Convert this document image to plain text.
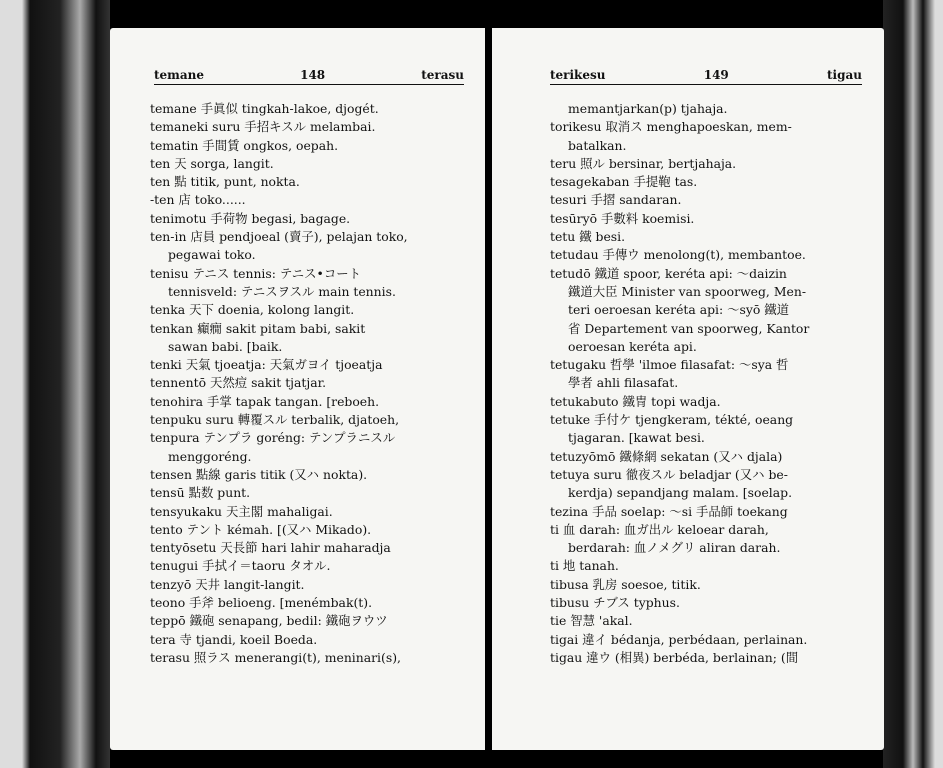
temane	148	terasu
temane 手眞似 tingkah-lakoe, djogét.
temaneki suru 手招キスル melambai.
tematin 手間賃 ongkos, oepah.
ten 天 sorga, langit.
ten 點 titik, punt, nokta.
-ten 店 toko......
tenimotu 手荷物 begasi, bagage.
ten-in 店員 pendjoeal (賣子), pelajan toko,
pegawai toko.
tenisu テニス tennis: テニス•コート
tennisveld: テニスヲスル main tennis.
tenka 天下 doenia, kolong langit.
tenkan 癲癇 sakit pitam babi, sakit
sawan babi. [baik.
tenki 天氣 tjoeatja: 天氣ガヨイ tjoeatja
tennentō 天然痘 sakit tjatjar.
tenohira 手掌 tapak tangan. [reboeh.
tenpuku suru 轉覆スル terbalik, djatoeh,
tenpura テンプラ goréng: テンプラニスル
menggoréng.
tensen 點線 garis titik (又ハ nokta).
tensū 點数 punt.
tensyukaku 天主閣 mahaligai.
tento テント kémah. [(又ハ Mikado).
tentyōsetu 天長節 hari lahir maharadja
tenugui 手拭イ＝taoru タオル.
tenzyō 天井 langit-langit.
teono 手斧 belioeng. [menémbak(t).
teppō 鐵砲 senapang, bedil: 鐵砲ヲウツ
tera 寺 tjandi, koeil Boeda.
terasu 照ラス menerangi(t), meninari(s),
terikesu	149	tigau
memantjarkan(p) tjahaja.
torikesu 取消ス menghapoeskan, mem-
batalkan.
teru 照ル bersinar, bertjahaja.
tesagekaban 手提鞄 tas.
tesuri 手摺 sandaran.
tesūryō 手數料 koemisi.
tetu 鐵 besi.
tetudau 手傳ウ menolong(t), membantoe.
tetudō 鐵道 spoor, keréta api: ～daizin
鐵道大臣 Minister van spoorweg, Men-
teri oeroesan keréta api: ～syō 鐵道
省 Departement van spoorweg, Kantor
oeroesan keréta api.
tetugaku 哲學 'ilmoe filasafat: ～sya 哲
學者 ahli filasafat.
tetukabuto 鐵冑 topi wadja.
tetuke 手付ケ tjengkeram, tékté, oeang
tjagaran. [kawat besi.
tetuzyōmō 鐵條網 sekatan (又ハ djala)
tetuya suru 徹夜スル beladjar (又ハ be-
kerdja) sepandjang malam. [soelap.
tezina 手品 soelap: ～si 手品師 toekang
ti 血 darah: 血ガ出ル keloear darah,
berdarah: 血ノメグリ aliran darah.
ti 地 tanah.
tibusa 乳房 soesoe, titik.
tibusu チブス typhus.
tie 智慧 'akal.
tigai 違イ bédanja, perbédaan, perlainan.
tigau 違ウ (相異) berbéda, berlainan; (間
